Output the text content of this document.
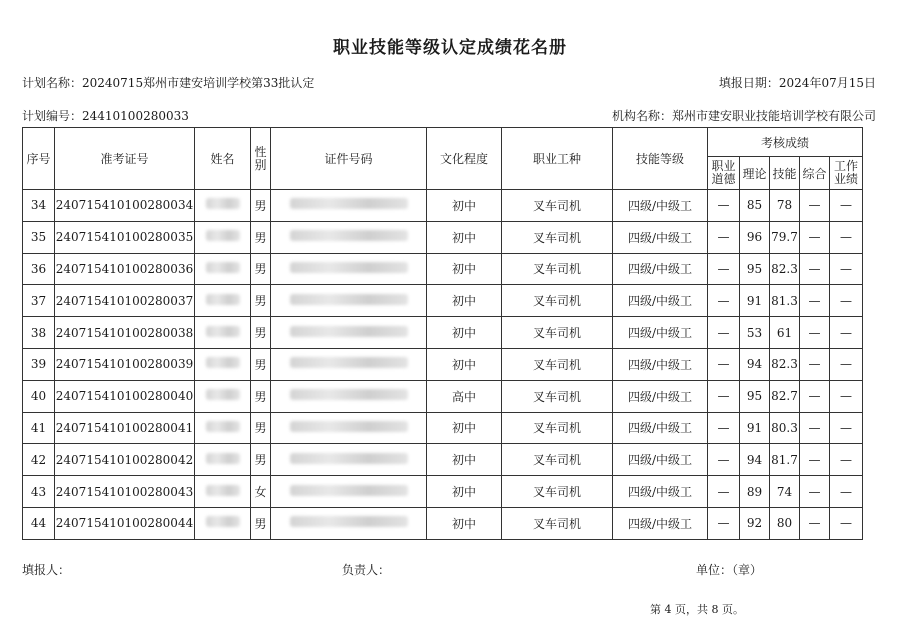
职业技能等级认定成绩花名册
计划名称：20240715郑州市建安培训学校第33批认定	填报日期：2024年07月15日
计划编号：24410100280033	机构名称：郑州市建安职业技能培训学校有限公司
序号	准考证号	姓名	性别	证件号码	文化程度	职业工种	技能等级	考核成绩				
								职业道德	理论	技能	综合	工作业绩
34	240715410100280034		男		初中	叉车司机	四级/中级工	—	85	78	—	—
35	240715410100280035		男		初中	叉车司机	四级/中级工	—	96	79.7	—	—
36	240715410100280036		男		初中	叉车司机	四级/中级工	—	95	82.3	—	—
37	240715410100280037		男		初中	叉车司机	四级/中级工	—	91	81.3	—	—
38	240715410100280038		男		初中	叉车司机	四级/中级工	—	53	61	—	—
39	240715410100280039		男		初中	叉车司机	四级/中级工	—	94	82.3	—	—
40	240715410100280040		男		高中	叉车司机	四级/中级工	—	95	82.7	—	—
41	240715410100280041		男		初中	叉车司机	四级/中级工	—	91	80.3	—	—
42	240715410100280042		男		初中	叉车司机	四级/中级工	—	94	81.7	—	—
43	240715410100280043		女		初中	叉车司机	四级/中级工	—	89	74	—	—
44	240715410100280044		男		初中	叉车司机	四级/中级工	—	92	80	—	—
填报人：	负责人：	单位：（章）
第 4 页，共 8 页。
